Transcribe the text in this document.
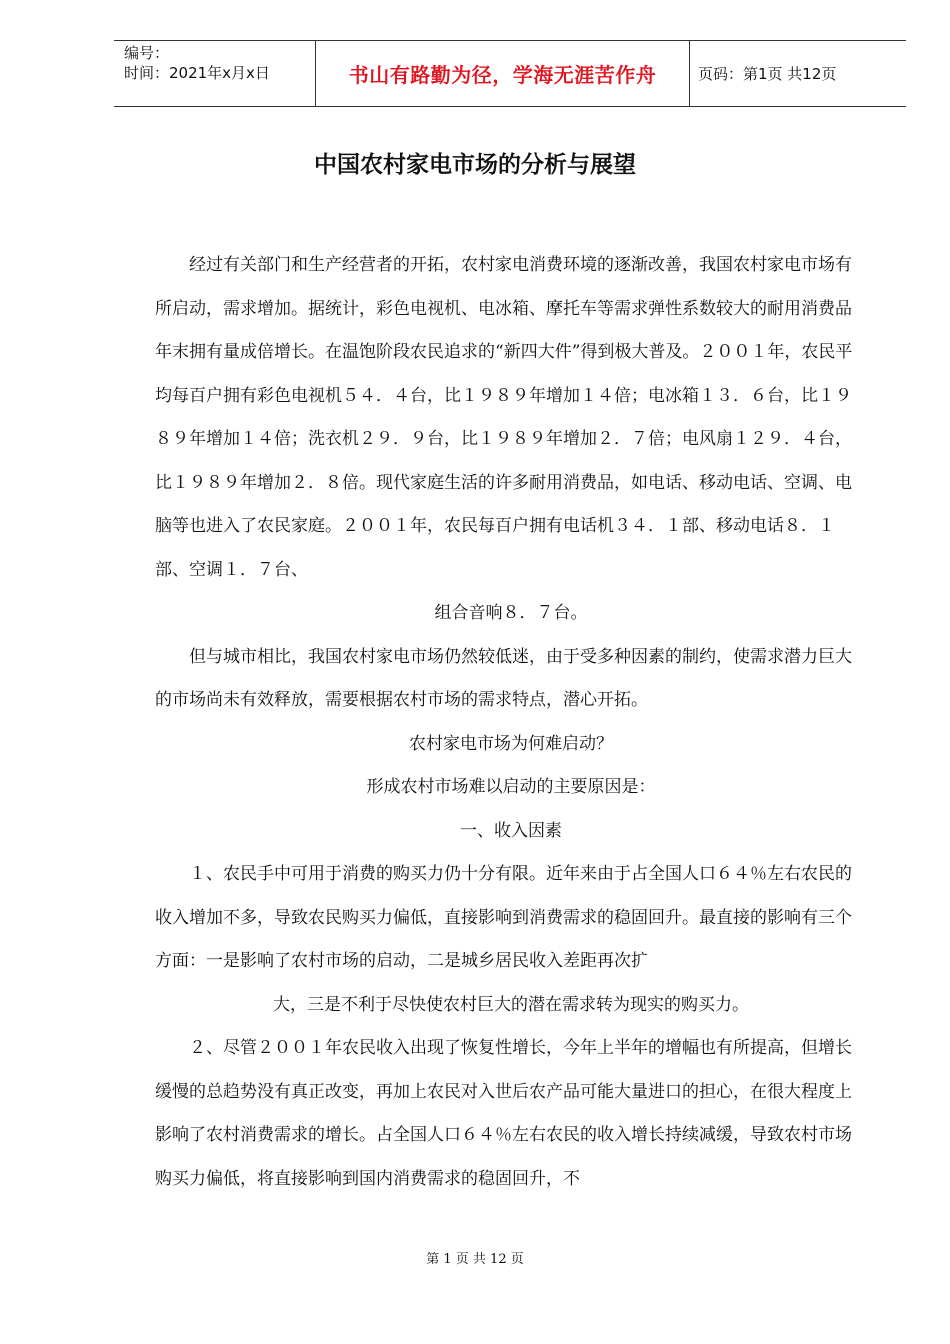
编号：
时间：2021年x月x日	书山有路勤为径，学海无涯苦作舟	页码：第1页 共12页
中国农村家电市场的分析与展望

经过有关部门和生产经营者的开拓，农村家电消费环境的逐渐改善，我国农村家电市场有所启动，需求增加。据统计，彩色电视机、电冰箱、摩托车等需求弹性系数较大的耐用消费品年末拥有量成倍增长。在温饱阶段农民追求的“新四大件”得到极大普及。２００１年，农民平均每百户拥有彩色电视机５４．４台，比１９８９年增加１４倍；电冰箱１３．６台，比１９８９年增加１４倍；洗衣机２９．９台，比１９８９年增加２．７倍；电风扇１２９．４台，比１９８９年增加２．８倍。现代家庭生活的许多耐用消费品，如电话、移动电话、空调、电脑等也进入了农民家庭。２００１年，农民每百户拥有电话机３４．１部、移动电话８．１部、空调１．７台、

组合音响８．７台。

但与城市相比，我国农村家电市场仍然较低迷，由于受多种因素的制约，使需求潜力巨大的市场尚未有效释放，需要根据农村市场的需求特点，潜心开拓。

农村家电市场为何难启动？

形成农村市场难以启动的主要原因是：

一、收入因素

１、农民手中可用于消费的购买力仍十分有限。近年来由于占全国人口６４％左右农民的收入增加不多，导致农民购买力偏低，直接影响到消费需求的稳固回升。最直接的影响有三个方面：一是影响了农村市场的启动，二是城乡居民收入差距再次扩

大，三是不利于尽快使农村巨大的潜在需求转为现实的购买力。

２、尽管２００１年农民收入出现了恢复性增长，今年上半年的增幅也有所提高，但增长缓慢的总趋势没有真正改变，再加上农民对入世后农产品可能大量进口的担心，在很大程度上影响了农村消费需求的增长。占全国人口６４％左右农民的收入增长持续减缓，导致农村市场购买力偏低，将直接影响到国内消费需求的稳固回升，不

第 1 页 共 12 页
